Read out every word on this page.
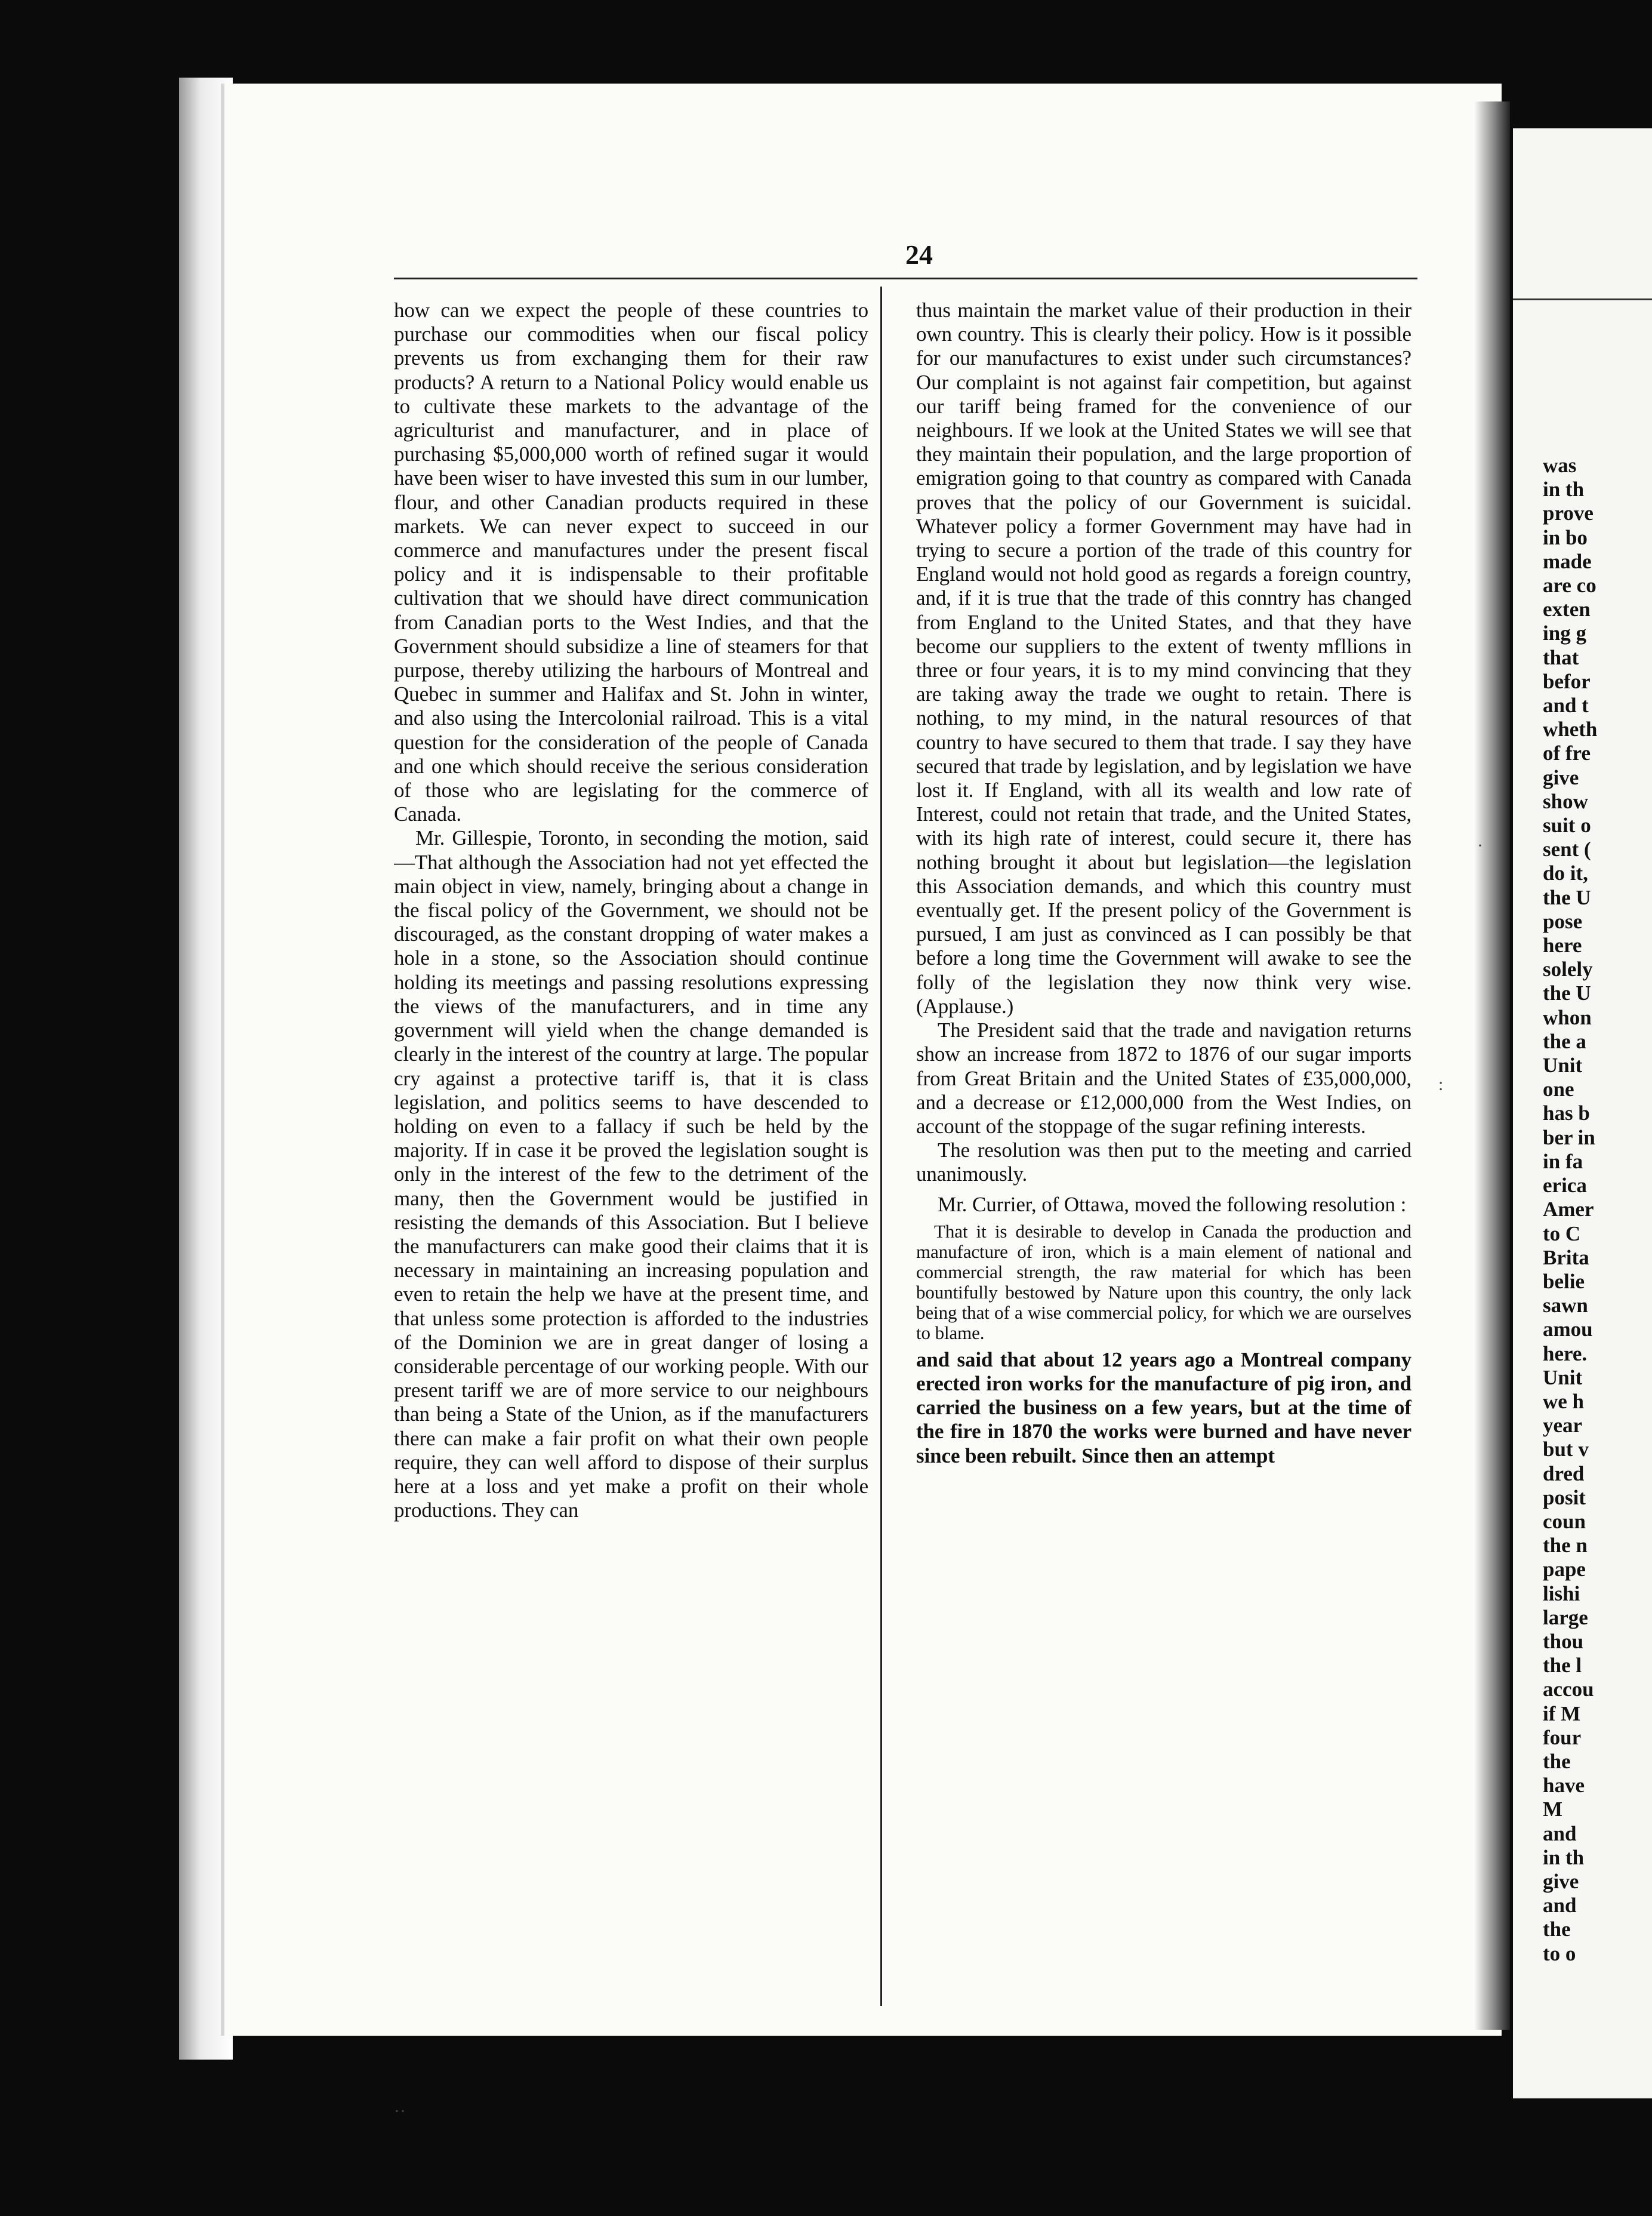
was
in th
prove
in bo
made
are co
exten
ing g
that
befor
and t
wheth
of fre
give
show
suit o
sent (
do it,
the U
pose
here
solely
the U
whon
the a
Unit
one
has b
ber in
in fa
erica
Amer
to C
Brita
belie
sawn
amou
here.
Unit
we h
year
but v
dred
posit
coun
the n
pape
lishi
large
thou
the l
accou
if M
four
the
have
M
and
in th
give
and
the
to o
24

how can we expect the people of these countries to purchase our commodities when our fiscal policy prevents us from exchanging them for their raw products? A return to a National Policy would enable us to cultivate these markets to the advantage of the agriculturist and manufacturer, and in place of purchasing $5,000,000 worth of refined sugar it would have been wiser to have invested this sum in our lumber, flour, and other Canadian products required in these markets. We can never expect to succeed in our commerce and manufactures under the present fiscal policy and it is indispensable to their profitable cultivation that we should have direct communication from Canadian ports to the West Indies, and that the Government should subsidize a line of steamers for that purpose, thereby utilizing the harbours of Montreal and Quebec in summer and Halifax and St. John in winter, and also using the Intercolonial railroad. This is a vital question for the consideration of the people of Canada and one which should receive the serious consideration of those who are legislating for the commerce of Canada.

Mr. Gillespie, Toronto, in seconding the motion, said—That although the Association had not yet effected the main object in view, namely, bringing about a change in the fiscal policy of the Government, we should not be discouraged, as the constant dropping of water makes a hole in a stone, so the Association should continue holding its meetings and passing resolutions expressing the views of the manufacturers, and in time any government will yield when the change demanded is clearly in the interest of the country at large. The popular cry against a protective tariff is, that it is class legislation, and politics seems to have descended to holding on even to a fallacy if such be held by the majority. If in case it be proved the legislation sought is only in the interest of the few to the detriment of the many, then the Government would be justified in resisting the demands of this Association. But I believe the manufacturers can make good their claims that it is necessary in maintaining an increasing population and even to retain the help we have at the present time, and that unless some protection is afforded to the industries of the Dominion we are in great danger of losing a considerable percentage of our working people. With our present tariff we are of more service to our neighbours than being a State of the Union, as if the manufacturers there can make a fair profit on what their own people require, they can well afford to dispose of their surplus here at a loss and yet make a profit on their whole productions. They can

thus maintain the market value of their production in their own country. This is clearly their policy. How is it possible for our manufactures to exist under such circumstances? Our complaint is not against fair competition, but against our tariff being framed for the convenience of our neighbours. If we look at the United States we will see that they maintain their population, and the large proportion of emigration going to that country as compared with Canada proves that the policy of our Government is suicidal. Whatever policy a former Government may have had in trying to secure a portion of the trade of this country for England would not hold good as regards a foreign country, and, if it is true that the trade of this conntry has changed from England to the United States, and that they have become our suppliers to the extent of twenty mfllions in three or four years, it is to my mind convincing that they are taking away the trade we ought to retain. There is nothing, to my mind, in the natural resources of that country to have secured to them that trade. I say they have secured that trade by legislation, and by legislation we have lost it. If England, with all its wealth and low rate of Interest, could not retain that trade, and the United States, with its high rate of interest, could secure it, there has nothing brought it about but legislation—the legislation this Association demands, and which this country must eventually get. If the present policy of the Government is pursued, I am just as convinced as I can possibly be that before a long time the Government will awake to see the folly of the legislation they now think very wise. (Applause.)

The President said that the trade and navigation returns show an increase from 1872 to 1876 of our sugar imports from Great Britain and the United States of £35,000,000, and a decrease or £12,000,000 from the West Indies, on account of the stoppage of the sugar refining interests.

The resolution was then put to the meeting and carried unanimously.

Mr. Currier, of Ottawa, moved the following resolution :

That it is desirable to develop in Canada the production and manufacture of iron, which is a main element of national and commercial strength, the raw material for which has been bountifully bestowed by Nature upon this country, the only lack being that of a wise commercial policy, for which we are ourselves to blame.

and said that about 12 years ago a Montreal company erected iron works for the manufacture of pig iron, and carried the business on a few years, but at the time of the fire in 1870 the works were burned and have never since been rebuilt. Since then an attempt

·
:
··
